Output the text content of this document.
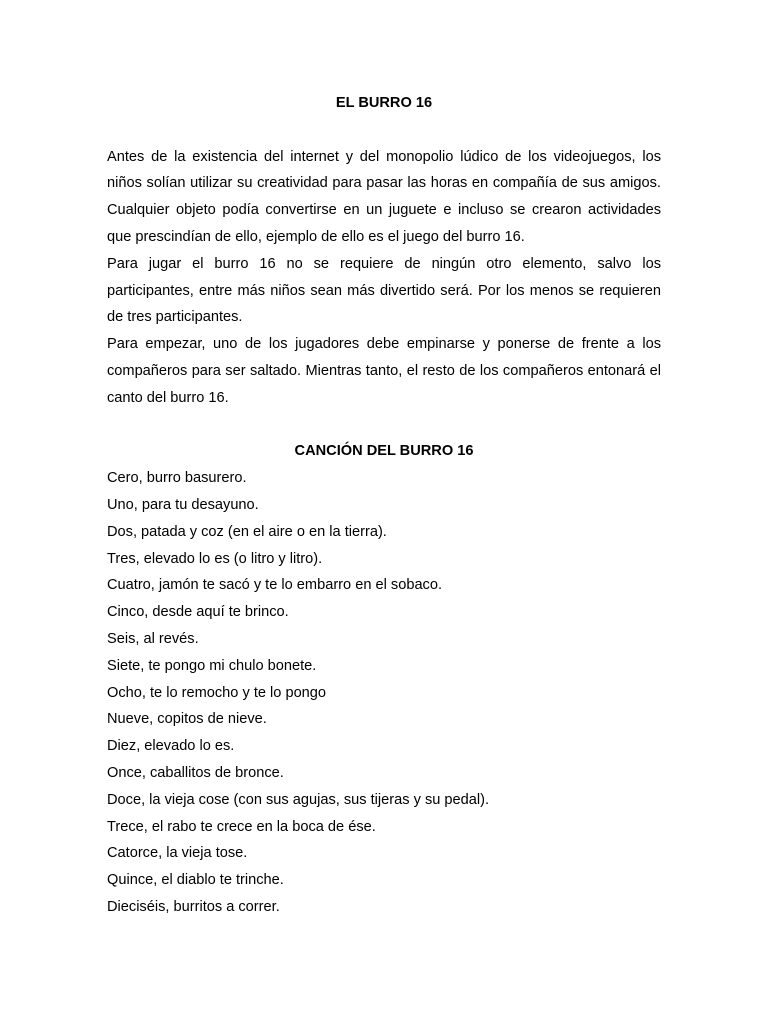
EL BURRO 16

Antes de la existencia del internet y del monopolio lúdico de los videojuegos, los niños solían utilizar su creatividad para pasar las horas en compañía de sus amigos. Cualquier objeto podía convertirse en un juguete e incluso se crearon actividades que prescindían de ello, ejemplo de ello es el juego del burro 16.

Para jugar el burro 16 no se requiere de ningún otro elemento, salvo los participantes, entre más niños sean más divertido será. Por los menos se requieren de tres participantes.

Para empezar, uno de los jugadores debe empinarse y ponerse de frente a los compañeros para ser saltado. Mientras tanto, el resto de los compañeros entonará el canto del burro 16.

CANCIÓN DEL BURRO 16

Cero, burro basurero.
Uno, para tu desayuno.
Dos, patada y coz (en el aire o en la tierra).
Tres, elevado lo es (o litro y litro).
Cuatro, jamón te sacó y te lo embarro en el sobaco.
Cinco, desde aquí te brinco.
Seis, al revés.
Siete, te pongo mi chulo bonete.
Ocho, te lo remocho y te lo pongo
Nueve, copitos de nieve.
Diez, elevado lo es.
Once, caballitos de bronce.
Doce, la vieja cose (con sus agujas, sus tijeras y su pedal).
Trece, el rabo te crece en la boca de ése.
Catorce, la vieja tose.
Quince, el diablo te trinche.
Dieciséis, burritos a correr.
